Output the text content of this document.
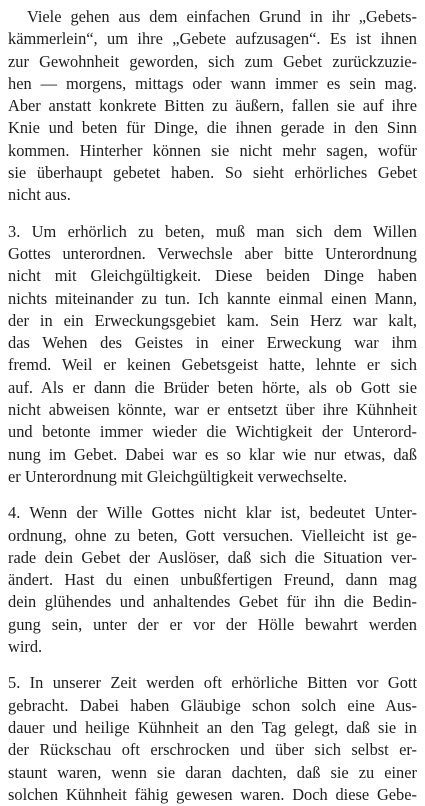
Viele gehen aus dem einfachen Grund in ihr „Gebets-
kämmerlein“, um ihre „Gebete aufzusagen“. Es ist ihnen
zur Gewohnheit geworden, sich zum Gebet zurückzuzie-
hen — morgens, mittags oder wann immer es sein mag.
Aber anstatt konkrete Bitten zu äußern, fallen sie auf ihre
Knie und beten für Dinge, die ihnen gerade in den Sinn
kommen. Hinterher können sie nicht mehr sagen, wofür
sie überhaupt gebetet haben. So sieht erhörliches Gebet
nicht aus.
3. Um erhörlich zu beten, muß man sich dem Willen
Gottes unterordnen. Verwechsle aber bitte Unterordnung
nicht mit Gleichgültigkeit. Diese beiden Dinge haben
nichts miteinander zu tun. Ich kannte einmal einen Mann,
der in ein Erweckungsgebiet kam. Sein Herz war kalt,
das Wehen des Geistes in einer Erweckung war ihm
fremd. Weil er keinen Gebetsgeist hatte, lehnte er sich
auf. Als er dann die Brüder beten hörte, als ob Gott sie
nicht abweisen könnte, war er entsetzt über ihre Kühnheit
und betonte immer wieder die Wichtigkeit der Unterord-
nung im Gebet. Dabei war es so klar wie nur etwas, daß
er Unterordnung mit Gleichgültigkeit verwechselte.
4. Wenn der Wille Gottes nicht klar ist, bedeutet Unter-
ordnung, ohne zu beten, Gott versuchen. Vielleicht ist ge-
rade dein Gebet der Auslöser, daß sich die Situation ver-
ändert. Hast du einen unbußfertigen Freund, dann mag
dein glühendes und anhaltendes Gebet für ihn die Bedin-
gung sein, unter der er vor der Hölle bewahrt werden
wird.
5. In unserer Zeit werden oft erhörliche Bitten vor Gott
gebracht. Dabei haben Gläubige schon solch eine Aus-
dauer und heilige Kühnheit an den Tag gelegt, daß sie in
der Rückschau oft erschrocken und über sich selbst er-
staunt waren, wenn sie daran dachten, daß sie zu einer
solchen Kühnheit fähig gewesen waren. Doch diese Gebe-
